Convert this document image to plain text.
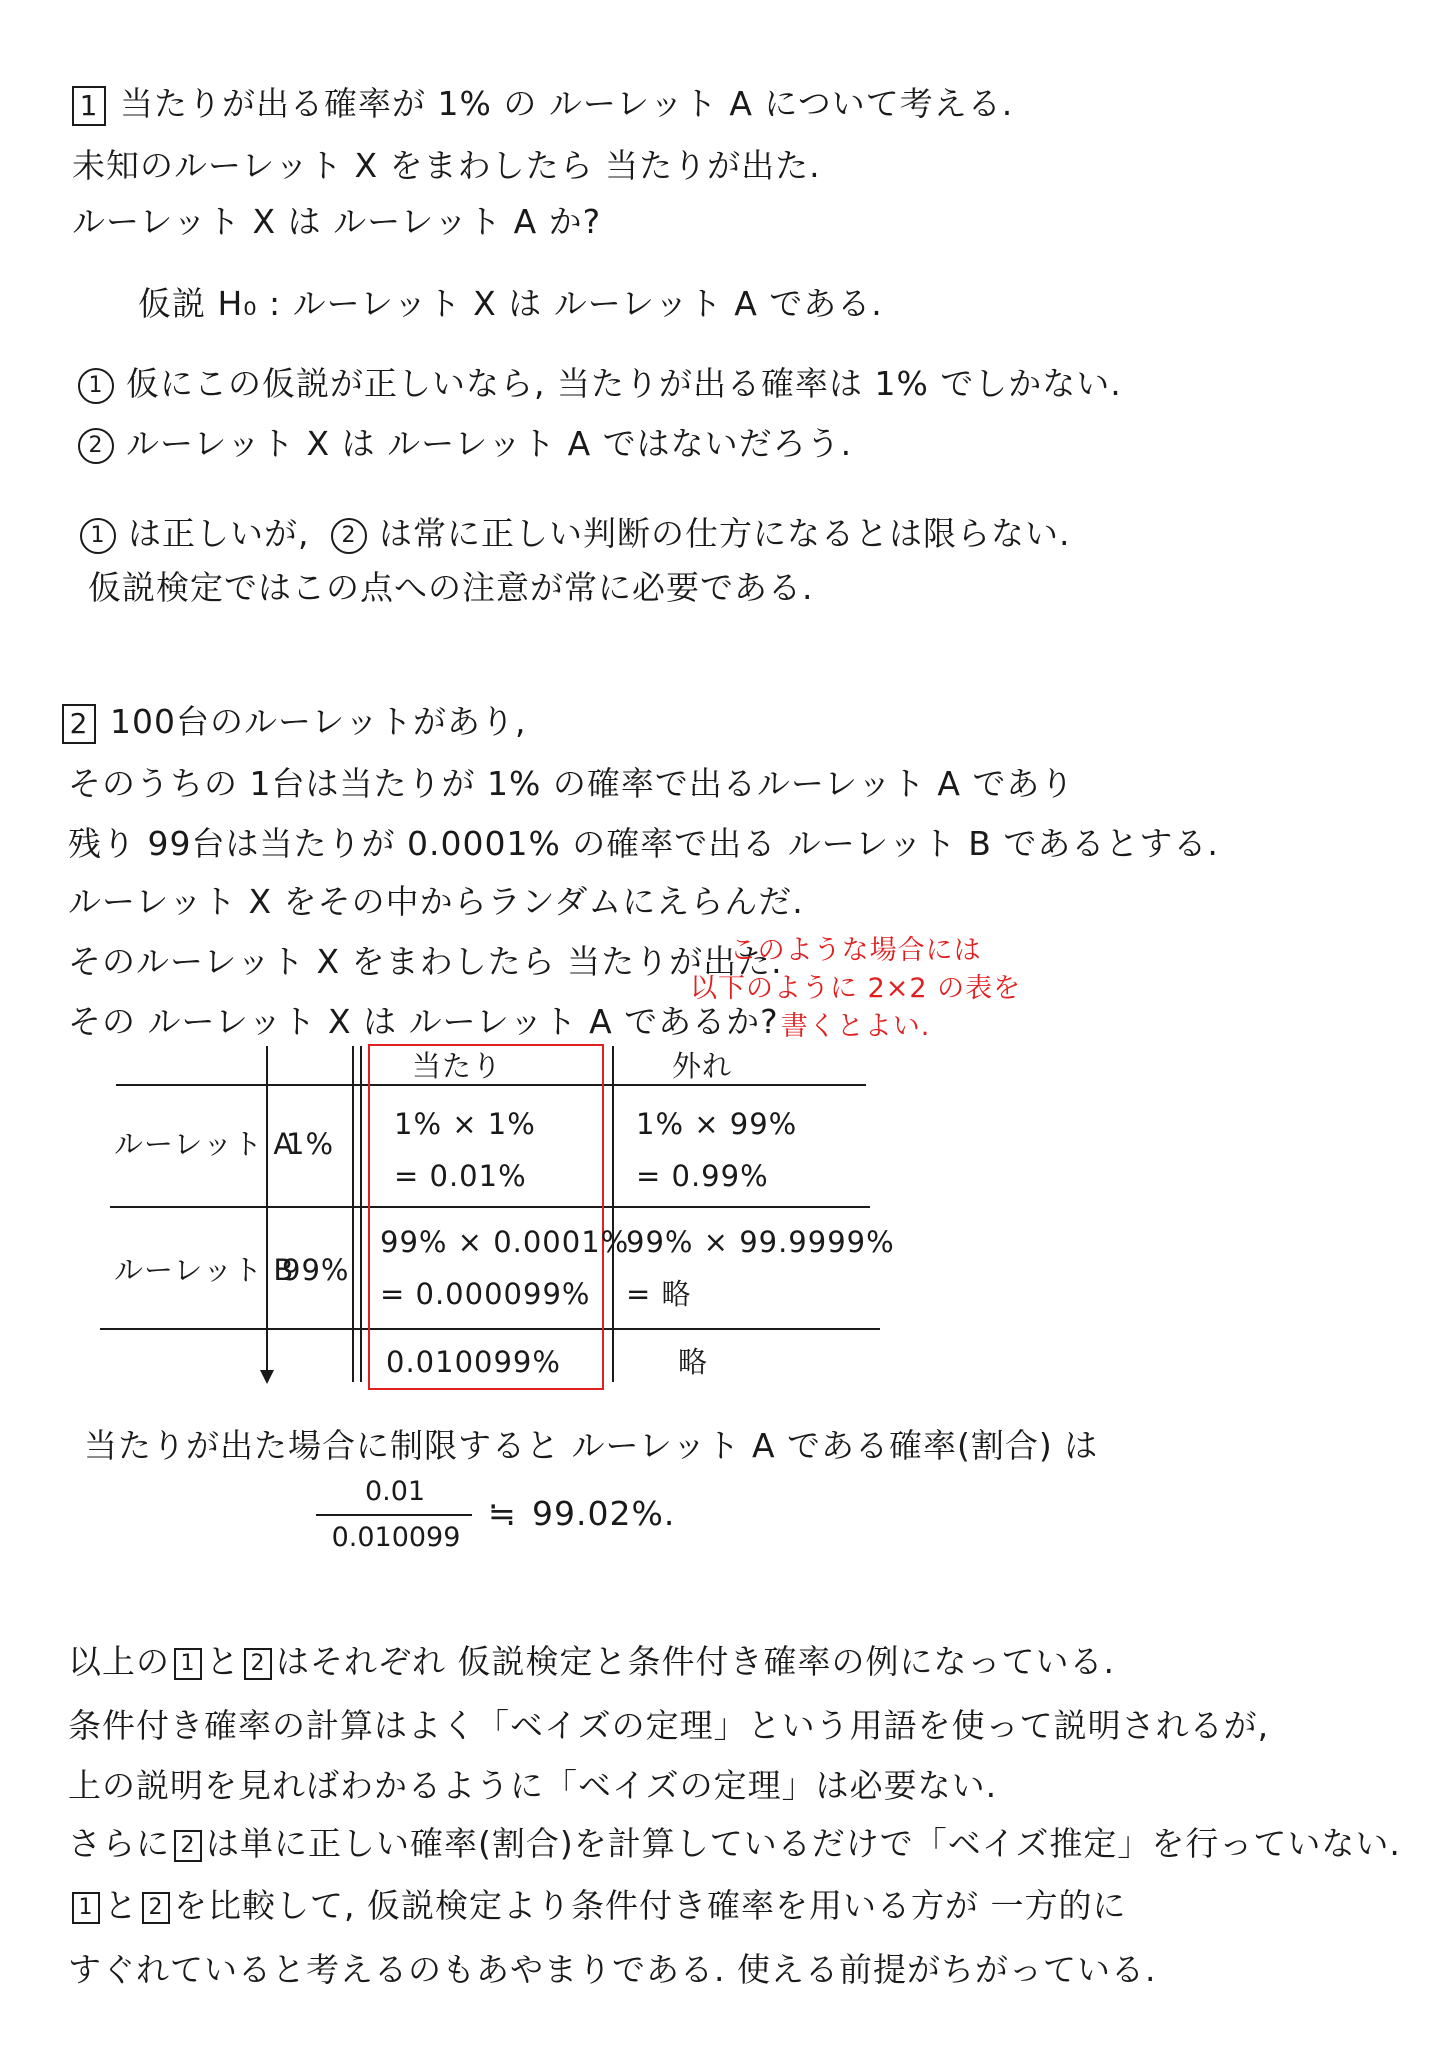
1 当たりが出る確率が 1% の ルーレット A について考える.
未知のルーレット X をまわしたら 当たりが出た.
ルーレット X は ルーレット A か?
仮説 H₀ : ルーレット X は ルーレット A である.
1 仮にこの仮説が正しいなら, 当たりが出る確率は 1% でしかない.
2 ルーレット X は ルーレット A ではないだろう.
1 は正しいが, 2 は常に正しい判断の仕方になるとは限らない.
仮説検定ではこの点への注意が常に必要である.
2 100台のルーレットがあり,
そのうちの 1台は当たりが 1% の確率で出るルーレット A であり
残り 99台は当たりが 0.0001% の確率で出る ルーレット B であるとする.
ルーレット X をその中からランダムにえらんだ.
そのルーレット X をまわしたら 当たりが出た.
その ルーレット X は ルーレット A であるか?
このような場合には
以下のように 2×2 の表を
書くとよい.
当たり	外れ
ルーレット A
1%
1% × 1%
= 0.01%
1% × 99%
= 0.99%
ルーレット B
99%
99% × 0.0001%
= 0.000099%
99% × 99.9999%
= 略
0.010099%	略
当たりが出た場合に制限すると ルーレット A である確率(割合) は
0.01
0.010099
≒ 99.02%.
以上の 1 と 2 はそれぞれ 仮説検定と条件付き確率の例になっている.
条件付き確率の計算はよく「ベイズの定理」という用語を使って説明されるが,
上の説明を見ればわかるように「ベイズの定理」は必要ない.
さらに 2 は単に正しい確率(割合)を計算しているだけで「ベイズ推定」を行っていない.
1 と 2 を比較して, 仮説検定より条件付き確率を用いる方が 一方的に
すぐれていると考えるのもあやまりである. 使える前提がちがっている.
